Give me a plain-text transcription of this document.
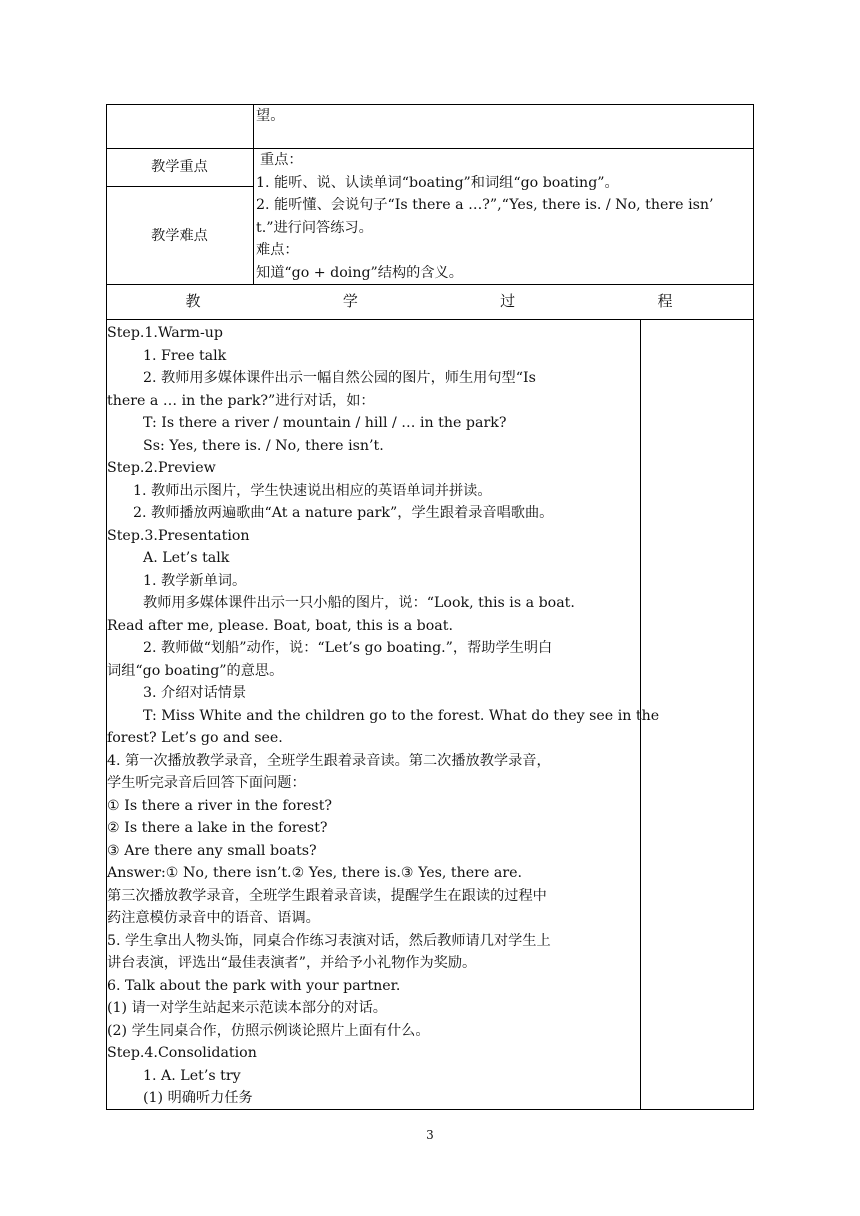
望。
教学重点
教学难点
重点：
1. 能听、说、认读单词“boating”和词组“go boating”。
2. 能听懂、会说句子“Is there a …?”,“Yes, there is. / No, there isn’
t.”进行问答练习。
难点：
知道“go + doing”结构的含义。
教   学   过   程
Step.1.Warm-up
1. Free talk
2. 教师用多媒体课件出示一幅自然公园的图片，师生用句型“Is
there a … in the park?”进行对话，如：
T: Is there a river / mountain / hill / … in the park?
Ss: Yes, there is. / No, there isn’t.
Step.2.Preview
1. 教师出示图片，学生快速说出相应的英语单词并拼读。
2. 教师播放两遍歌曲“At a nature park”，学生跟着录音唱歌曲。
Step.3.Presentation
A. Let’s talk
1. 教学新单词。
教师用多媒体课件出示一只小船的图片，说：“Look, this is a boat.
Read after me, please. Boat, boat, this is a boat.
2. 教师做“划船”动作，说：“Let’s go boating.”，帮助学生明白
词组“go boating”的意思。
3. 介绍对话情景
T: Miss White and the children go to the forest. What do they see in the
forest? Let’s go and see.
4. 第一次播放教学录音，全班学生跟着录音读。第二次播放教学录音，
学生听完录音后回答下面问题：
① Is there a river in the forest?
② Is there a lake in the forest?
③ Are there any small boats?
Answer:① No, there isn’t.② Yes, there is.③ Yes, there are.
第三次播放教学录音，全班学生跟着录音读，提醒学生在跟读的过程中
药注意模仿录音中的语音、语调。
5. 学生拿出人物头饰，同桌合作练习表演对话，然后教师请几对学生上
讲台表演，评选出“最佳表演者”，并给予小礼物作为奖励。
6. Talk about the park with your partner.
(1) 请一对学生站起来示范读本部分的对话。
(2) 学生同桌合作，仿照示例谈论照片上面有什么。
Step.4.Consolidation
1. A. Let’s try
(1) 明确听力任务
3
